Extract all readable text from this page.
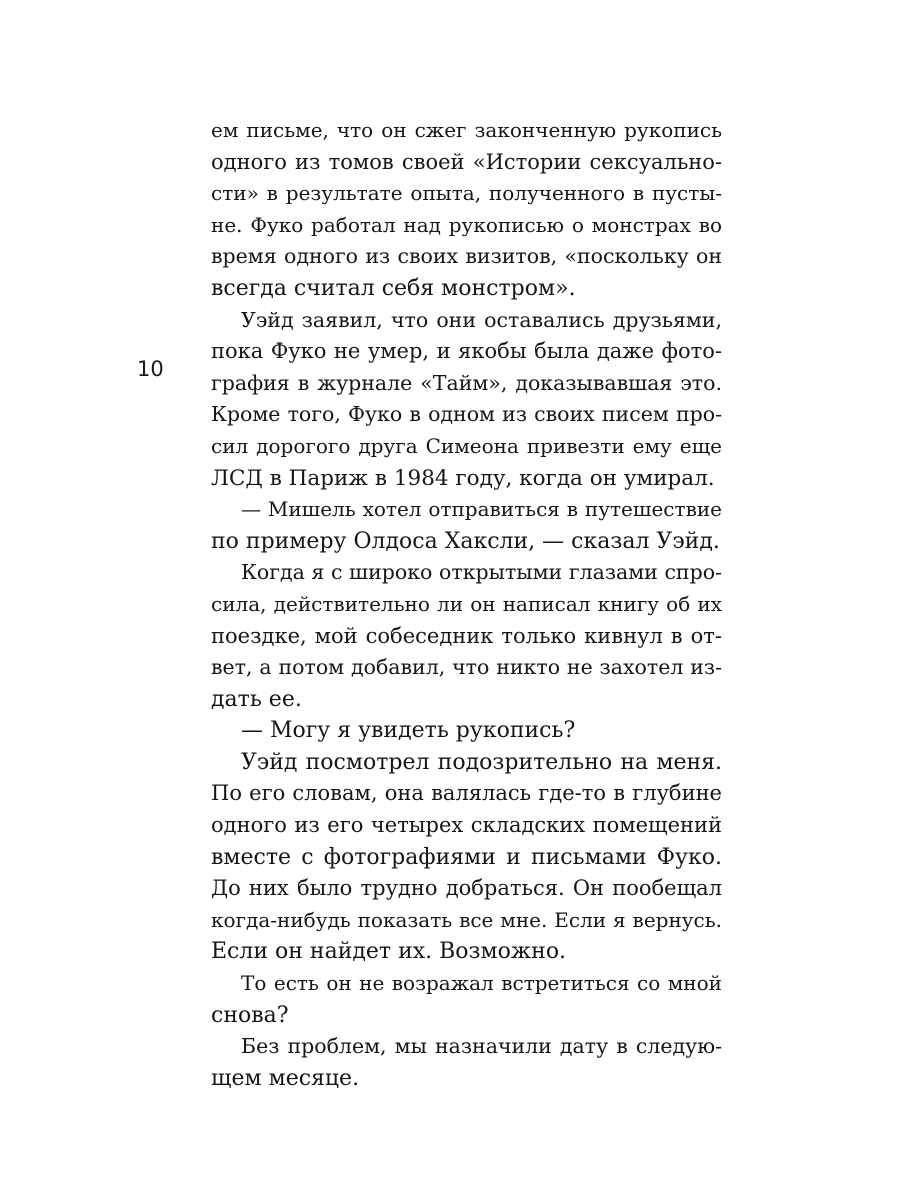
10
ем письме, что он сжег законченную рукопись
одного из томов своей «Истории сексуально-
сти» в результате опыта, полученного в пусты-
не. Фуко работал над рукописью о монстрах во
время одного из своих визитов, «поскольку он
всегда считал себя монстром».
Уэйд заявил, что они оставались друзьями,
пока Фуко не умер, и якобы была даже фото-
графия в журнале «Тайм», доказывавшая это.
Кроме того, Фуко в одном из своих писем про-
сил дорогого друга Симеона привезти ему еще
ЛСД в Париж в 1984 году, когда он умирал.
— Мишель хотел отправиться в путешествие
по примеру Олдоса Хаксли, — сказал Уэйд.
Когда я с широко открытыми глазами спро-
сила, действительно ли он написал книгу об их
поездке, мой собеседник только кивнул в от-
вет, а потом добавил, что никто не захотел из-
дать ее.
— Могу я увидеть рукопись?
Уэйд посмотрел подозрительно на меня.
По его словам, она валялась где-то в глубине
одного из его четырех складских помещений
вместе с фотографиями и письмами Фуко.
До них было трудно добраться. Он пообещал
когда-нибудь показать все мне. Если я вернусь.
Если он найдет их. Возможно.
То есть он не возражал встретиться со мной
снова?
Без проблем, мы назначили дату в следую-
щем месяце.
